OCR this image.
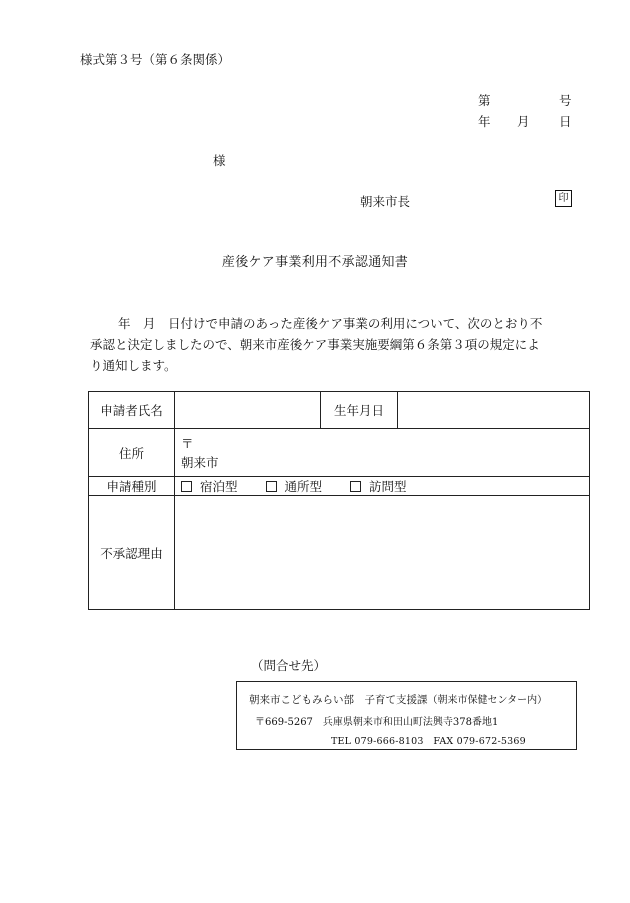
様式第３号（第６条関係）
第	号
年 月 日
様
朝来市長	印
産後ケア事業利用不承認通知書
年　月　日付けで申請のあった産後ケア事業の利用について、次のとおり不
承認と決定しましたので、朝来市産後ケア事業実施要綱第６条第３項の規定によ
り通知します。
申請者氏名		生年月日	
住所	〒
朝来市		

申請種別	宿泊型 通所型 訪問型		
不承認理由			
（問合せ先）
朝来市こどもみらい部　子育て支援課（朝来市保健センター内）
〒669-5267　兵庫県朝来市和田山町法興寺378番地1
TEL 079-666-8103　FAX 079-672-5369
